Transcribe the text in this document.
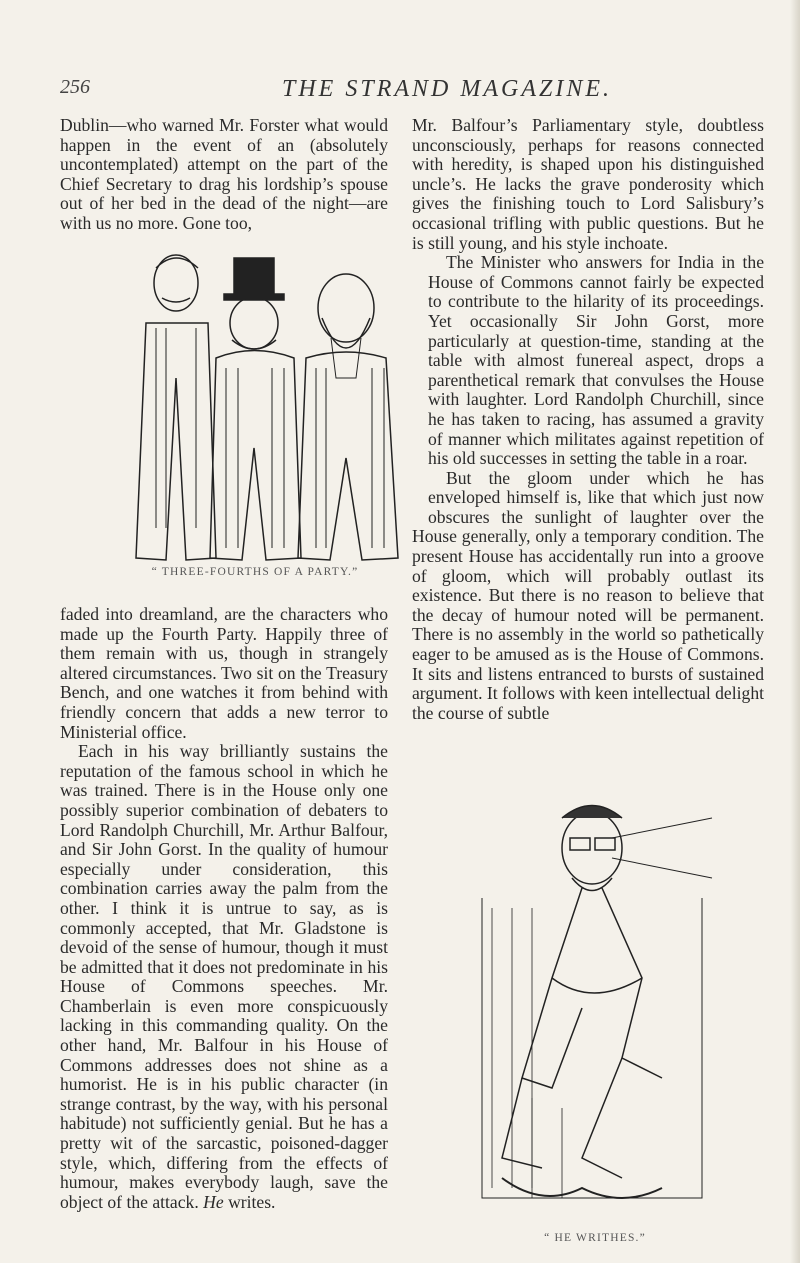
256	THE STRAND MAGAZINE.

Dublin—who warned Mr. Forster what would happen in the event of an (absolutely uncontemplated) attempt on the part of the Chief Secretary to drag his lordship’s spouse out of her bed in the dead of the night—are with us no more. Gone too,

“ THREE-FOURTHS OF A PARTY.”

faded into dreamland, are the characters who made up the Fourth Party. Happily three of them remain with us, though in strangely altered circumstances. Two sit on the Treasury Bench, and one watches it from behind with friendly concern that adds a new terror to Ministerial office.

Each in his way brilliantly sustains the reputation of the famous school in which he was trained. There is in the House only one possibly superior combination of debaters to Lord Randolph Churchill, Mr. Arthur Balfour, and Sir John Gorst. In the quality of humour especially under consideration, this combination carries away the palm from the other. I think it is untrue to say, as is commonly accepted, that Mr. Gladstone is devoid of the sense of humour, though it must be admitted that it does not predominate in his House of Commons speeches. Mr. Chamberlain is even more conspicuously lacking in this commanding quality. On the other hand, Mr. Balfour in his House of Commons addresses does not shine as a humorist. He is in his public character (in strange contrast, by the way, with his personal habitude) not sufficiently genial. But he has a pretty wit of the sarcastic, poisoned-dagger style, which, differing from the effects of humour, makes everybody laugh, save the object of the attack. He writes.

Mr. Balfour’s Parliamentary style, doubtless unconsciously, perhaps for reasons connected with heredity, is shaped upon his distinguished uncle’s. He lacks the grave ponderosity which gives the finishing touch to Lord Salisbury’s occasional trifling with public questions. But he is still young, and his style inchoate.

The Minister who answers for India in the House of Commons cannot fairly be expected to contribute to the hilarity of its proceedings. Yet occasionally Sir John Gorst, more particularly at question-time, standing at the table with almost funereal aspect, drops a parenthetical remark that convulses the House with laughter. Lord Randolph Churchill, since he has taken to racing, has assumed a gravity of manner which militates against repetition of his old successes in setting the table in a roar.

But the gloom under which he has enveloped himself is, like that which just now obscures the sunlight of laughter over the House generally, only a temporary condition. The present House has accidentally run into a groove of gloom, which will probably outlast its existence. But there is no reason to believe that the decay of humour noted will be permanent. There is no assembly in the world so pathetically eager to be amused as is the House of Commons. It sits and listens entranced to bursts of sustained argument. It follows with keen intellectual delight the course of subtle

“ HE WRITHES.”
